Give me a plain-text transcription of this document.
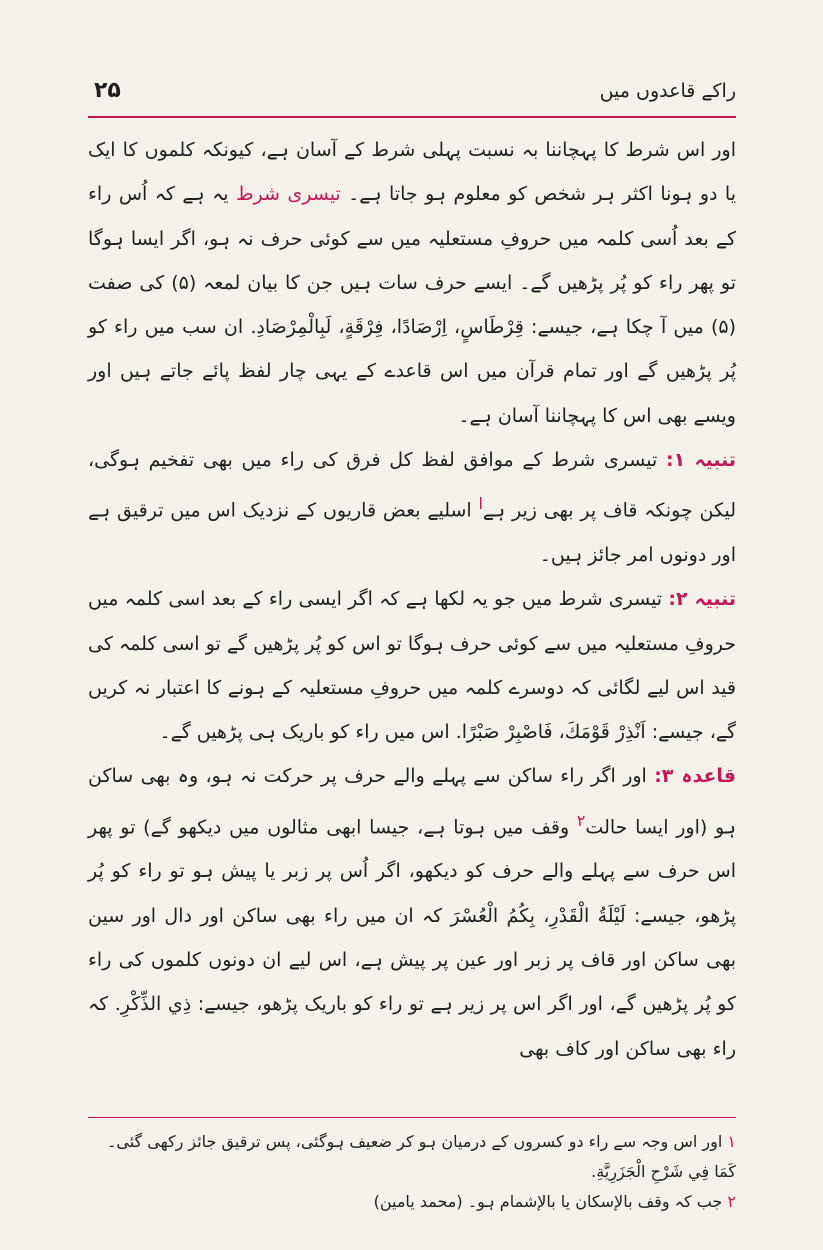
۲۵	راکے قاعدوں میں

اور اس شرط کا پہچاننا بہ نسبت پہلی شرط کے آسان ہے، کیونکہ کلموں کا ایک یا دو ہونا اکثر ہر شخص کو معلوم ہو جاتا ہے۔ تیسری شرط یہ ہے کہ اُس راء کے بعد اُسی کلمہ میں حروفِ مستعلیہ میں سے کوئی حرف نہ ہو، اگر ایسا ہوگا تو پھر راء کو پُر پڑھیں گے۔ ایسے حرف سات ہیں جن کا بیان لمعہ (۵) کی صفت (۵) میں آ چکا ہے، جیسے: قِرْطَاسٍ، اِرْصَادًا، فِرْقَةٍ، لَبِالْمِرْصَادِ. ان سب میں راء کو پُر پڑھیں گے اور تمام قرآن میں اس قاعدے کے یہی چار لفظ پائے جاتے ہیں اور ویسے بھی اس کا پہچاننا آسان ہے۔

تنبیہ ۱: تیسری شرط کے موافق لفظ کل فرق کی راء میں بھی تفخیم ہوگی، لیکن چونکہ قاف پر بھی زیر ہے$^ا$ اسلیے بعض قاریوں کے نزدیک اس میں ترقیق ہے اور دونوں امر جائز ہیں۔

تنبیہ ۲: تیسری شرط میں جو یہ لکھا ہے کہ اگر ایسی راء کے بعد اسی کلمہ میں حروفِ مستعلیہ میں سے کوئی حرف ہوگا تو اس کو پُر پڑھیں گے تو اسی کلمہ کی قید اس لیے لگائی کہ دوسرے کلمہ میں حروفِ مستعلیہ کے ہونے کا اعتبار نہ کریں گے، جیسے: اَنْذِرْ قَوْمَكَ، فَاصْبِرْ صَبْرًا. اس میں راء کو باریک ہی پڑھیں گے۔

قاعدہ ۳: اور اگر راء ساکن سے پہلے والے حرف پر حرکت نہ ہو، وہ بھی ساکن ہو (اور ایسا حالت$^۲$ وقف میں ہوتا ہے، جیسا ابھی مثالوں میں دیکھو گے) تو پھر اس حرف سے پہلے والے حرف کو دیکھو، اگر اُس پر زبر یا پیش ہو تو راء کو پُر پڑھو، جیسے: لَيْلَةُ الْقَدْرِ، بِكُمُ الْعُسْرَ کہ ان میں راء بھی ساکن اور دال اور سین بھی ساکن اور قاف پر زبر اور عین پر پیش ہے، اس لیے ان دونوں کلموں کی راء کو پُر پڑھیں گے، اور اگر اس پر زیر ہے تو راء کو باریک پڑھو، جیسے: ذِي الذِّكْرِ. کہ راء بھی ساکن اور کاف بھی

۱ اور اس وجہ سے راء دو کسروں کے درمیان ہو کر ضعیف ہوگئی، پس ترقیق جائز رکھی گئی۔ كَمَا فِي شَرْحِ الْجَزَرِيَّةِ.

۲ جب کہ وقف بالإسكان یا بالإشمام ہو۔ (محمد یامین)
